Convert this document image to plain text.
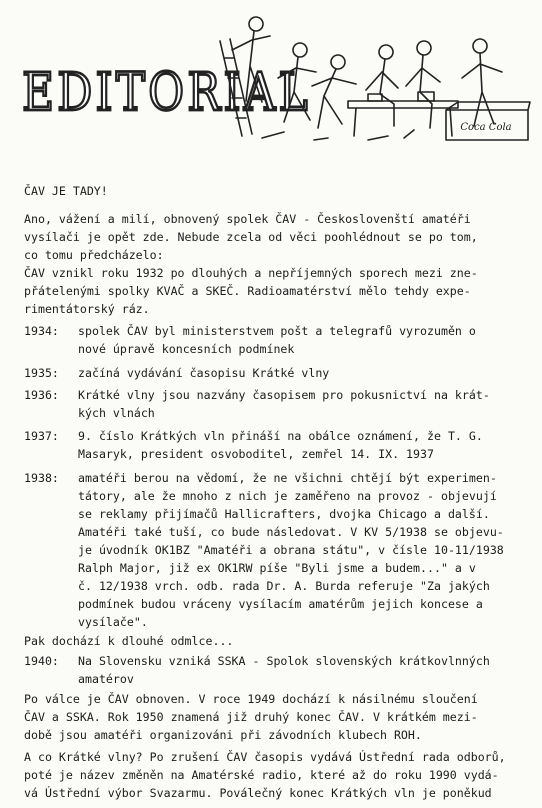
EDITORIAL
Coca Cola
ČAV JE TADY!
Ano, vážení a milí, obnovený spolek ČAV - Českoslovenští amatéři
vysílači je opět zde. Nebude zcela od věci poohlédnout se po tom,
co tomu předcházelo:
ČAV vznikl roku 1932 po dlouhých a nepříjemných sporech mezi zne-
přátelenými spolky KVAČ a SKEČ. Radioamatérství mělo tehdy expe-
rimentátorský ráz.
1934: spolek ČAV byl ministerstvem pošt a telegrafů vyrozuměn o
nové úpravě koncesních podmínek
1935: začíná vydávání časopisu Krátké vlny
1936: Krátké vlny jsou nazvány časopisem pro pokusnictví na krát-
kých vlnách
1937: 9. číslo Krátkých vln přináší na obálce oznámení, že T. G.
Masaryk, president osvoboditel, zemřel 14. IX. 1937
1938: amatéři berou na vědomí, že ne všichni chtějí být experimen-
tátory, ale že mnoho z nich je zaměřeno na provoz - objevují
se reklamy přijímačů Hallicrafters, dvojka Chicago a další.
Amatéři také tuší, co bude následovat. V KV 5/1938 se objevu-
je úvodník OK1BZ "Amatéři a obrana státu", v čísle 10-11/1938
Ralph Major, již ex OK1RW píše "Byli jsme a budem..." a v
č. 12/1938 vrch. odb. rada Dr. A. Burda referuje "Za jakých
podmínek budou vráceny vysílacím amatérům jejich koncese a
vysílače".
Pak dochází k dlouhé odmlce...
1940: Na Slovensku vzniká SSKA - Spolok slovenských krátkovlnných
amatérov
Po válce je ČAV obnoven. V roce 1949 dochází k násilnému sloučení
ČAV a SSKA. Rok 1950 znamená již druhý konec ČAV. V krátkém mezi-
době jsou amatéři organizováni při závodních klubech ROH.
A co Krátké vlny? Po zrušení ČAV časopis vydává Ústřední rada odborů,
poté je název změněn na Amatérské radio, které až do roku 1990 vydá-
vá Ústřední výbor Svazarmu. Poválečný konec Krátkých vln je poněkud
